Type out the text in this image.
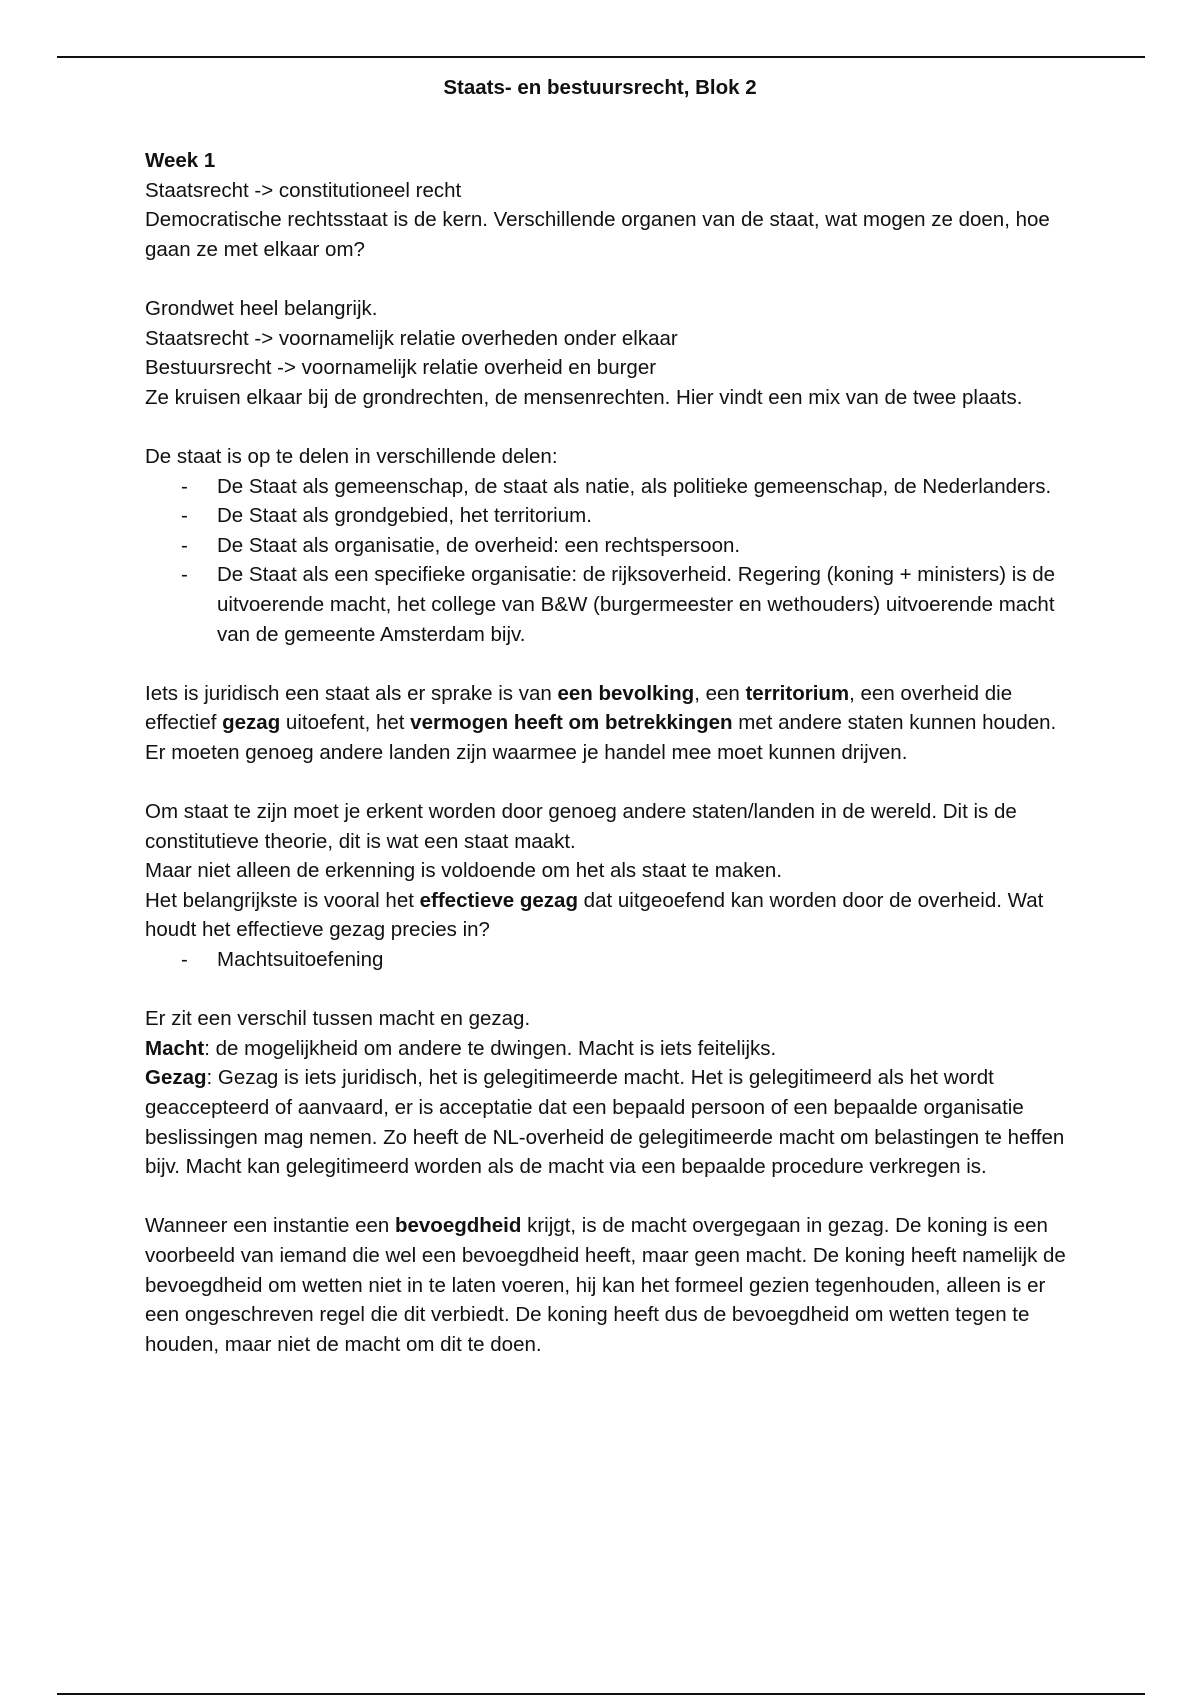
Staats- en bestuursrecht, Blok 2

Week 1

Staatsrecht -> constitutioneel recht

Democratische rechtsstaat is de kern. Verschillende organen van de staat, wat mogen ze doen, hoe gaan ze met elkaar om?

Grondwet heel belangrijk.

Staatsrecht -> voornamelijk relatie overheden onder elkaar

Bestuursrecht -> voornamelijk relatie overheid en burger

Ze kruisen elkaar bij de grondrechten, de mensenrechten. Hier vindt een mix van de twee plaats.

De staat is op te delen in verschillende delen:

- De Staat als gemeenschap, de staat als natie, als politieke gemeenschap, de Nederlanders.
- De Staat als grondgebied, het territorium.
- De Staat als organisatie, de overheid: een rechtspersoon.
- De Staat als een specifieke organisatie: de rijksoverheid. Regering (koning + ministers) is de uitvoerende macht, het college van B&W (burgermeester en wethouders) uitvoerende macht van de gemeente Amsterdam bijv.

Iets is juridisch een staat als er sprake is van een bevolking, een territorium, een overheid die effectief gezag uitoefent, het vermogen heeft om betrekkingen met andere staten kunnen houden. Er moeten genoeg andere landen zijn waarmee je handel mee moet kunnen drijven.

Om staat te zijn moet je erkent worden door genoeg andere staten/landen in de wereld. Dit is de constitutieve theorie, dit is wat een staat maakt.

Maar niet alleen de erkenning is voldoende om het als staat te maken.

Het belangrijkste is vooral het effectieve gezag dat uitgeoefend kan worden door de overheid. Wat houdt het effectieve gezag precies in?

- Machtsuitoefening

Er zit een verschil tussen macht en gezag.

Macht: de mogelijkheid om andere te dwingen. Macht is iets feitelijks.

Gezag: Gezag is iets juridisch, het is gelegitimeerde macht. Het is gelegitimeerd als het wordt geaccepteerd of aanvaard, er is acceptatie dat een bepaald persoon of een bepaalde organisatie beslissingen mag nemen. Zo heeft de NL-overheid de gelegitimeerde macht om belastingen te heffen bijv. Macht kan gelegitimeerd worden als de macht via een bepaalde procedure verkregen is.

Wanneer een instantie een bevoegdheid krijgt, is de macht overgegaan in gezag. De koning is een voorbeeld van iemand die wel een bevoegdheid heeft, maar geen macht. De koning heeft namelijk de bevoegdheid om wetten niet in te laten voeren, hij kan het formeel gezien tegenhouden, alleen is er een ongeschreven regel die dit verbiedt. De koning heeft dus de bevoegdheid om wetten tegen te houden, maar niet de macht om dit te doen.
